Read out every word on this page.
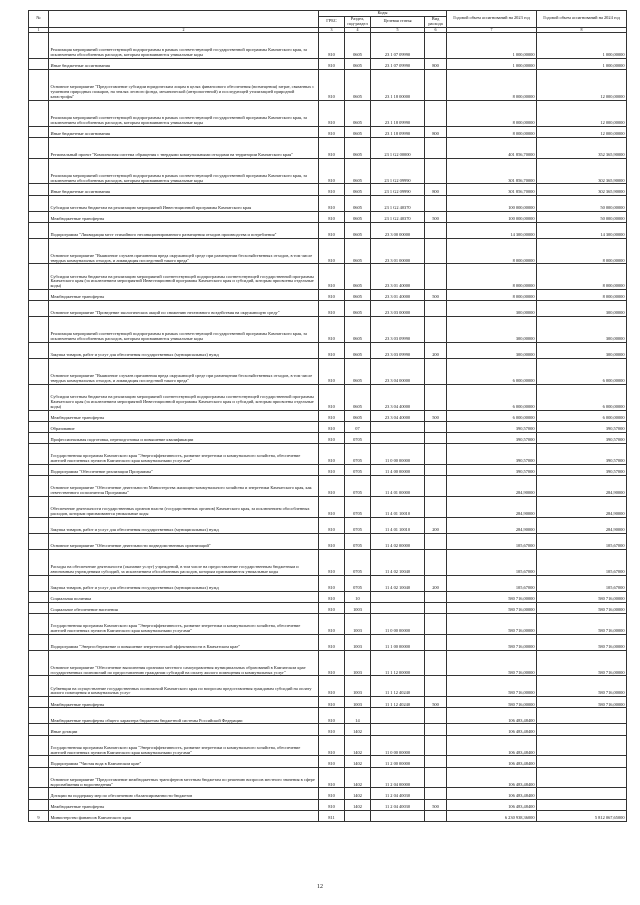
№		Коды				Годовой объем ассигнований на 2023 год	Годовой объем ассигнований на 2024 год
		ГРБС	Раздел, под-раздел	Целевая статья	Вид расхода		
1	2	3	4	5	6	7	8
	Реализация мероприятий соответствующей подпрограммы в рамках соответствующей государственной программы Камчатского края, за исключением обособленных расходов, которым присваиваются уникальные коды	810	0605	23 1 07 09990		1 000,00000	1 000,00000
	Иные бюджетные ассигнования	810	0605	23 1 07 09990	800	1 000,00000	1 000,00000
	Основное мероприятие "Предоставление субсидии юридическим лицам в целях финансового обеспечения (возмещения) затрат, связанных с тушением природных пожаров, на землях лесного фонда, механической (антропогенной) и последующей утилизацией природной катастрофы"	810	0605	23 1 18 00000		8 000,00000	12 000,00000
	Реализация мероприятий соответствующей подпрограммы в рамках соответствующей государственной программы Камчатского края, за исключением обособленных расходов, которым присваиваются уникальные коды	810	0605	23 1 18 09990		8 000,00000	12 000,00000
	Иные бюджетные ассигнования	810	0605	23 1 18 09990	800	8 000,00000	12 000,00000
	Региональный проект "Комплексная система обращения с твердыми коммунальными отходами на территории Камчатского края"	810	0605	23 1 G2 00000		401 856,70000	352 365,90000
	Реализация мероприятий соответствующей подпрограммы в рамках соответствующей государственной программы Камчатского края, за исключением обособленных расходов, которым присваиваются уникальные коды	810	0605	23 1 G2 09990		301 856,70000	302 365,90000
	Иные бюджетные ассигнования	810	0605	23 1 G2 09990	800	301 856,70000	302 365,90000
	Субсидии местным бюджетам на реализацию мероприятий Инвестиционной программы Камчатского края	810	0605	23 1 G2 40370		100 000,00000	50 000,00000
	Межбюджетные трансферты	810	0605	23 1 G2 40370	500	100 000,00000	50 000,00000
	Подпрограмма "Ликвидация мест стихийного несанкционированного размещения отходов производства и потребления"	810	0605	23 3 00 00000		14 300,00000	14 300,00000
	Основное мероприятие "Выявление случаев причинения вреда окружающей среде при размещении бесхозяйственных отходов, в том числе твердых коммунальных отходов, и ликвидация последствий такого вреда"	810	0605	23 3 01 00000		8 000,00000	8 000,00000
	Субсидии местным бюджетам на реализацию мероприятий соответствующей подпрограммы соответствующей государственной программы Камчатского края (за исключением мероприятий Инвестиционной программы Камчатского края и субсидий, которым присвоены отдельные коды)	810	0605	23 3 01 40000		8 000,00000	8 000,00000
	Межбюджетные трансферты	810	0605	23 3 01 40000	500	8 000,00000	8 000,00000
	Основное мероприятие "Проведение экологических акций по снижению негативного воздействия на окружающую среду"	810	0605	23 3 03 00000		300,00000	300,00000
	Реализация мероприятий соответствующей подпрограммы в рамках соответствующей государственной программы Камчатского края, за исключением обособленных расходов, которым присваиваются уникальные коды	810	0605	23 3 03 09990		300,00000	300,00000
	Закупка товаров, работ и услуг для обеспечения государственных (муниципальных) нужд	810	0605	23 3 03 09990	200	300,00000	300,00000
	Основное мероприятие "Выявление случаев причинения вреда окружающей среде при размещении бесхозяйственных отходов, в том числе твердых коммунальных отходов, и ликвидация последствий такого вреда"	810	0605	23 3 04 00000		6 000,00000	6 000,00000
	Субсидии местным бюджетам на реализацию мероприятий соответствующей подпрограммы соответствующей государственной программы Камчатского края (за исключением мероприятий Инвестиционной программы Камчатского края и субсидий, которым присвоены отдельные коды)	810	0605	23 3 04 40000		6 000,00000	6 000,00000
	Межбюджетные трансферты	810	0605	23 3 04 40000	500	6 000,00000	6 000,00000
	Образование	810	07			390,57000	390,57000
	Профессиональная подготовка, переподготовка и повышение квалификации	810	0705			390,57000	390,57000
	Государственная программа Камчатского края "Энергоэффективность, развитие энергетики и коммунального хозяйства, обеспечение жителей населенных пунктов Камчатского края коммунальными услугами"	810	0705	11 0 00 00000		390,57000	390,57000
	Подпрограмма "Обеспечение реализации Программы"	810	0705	11 4 00 00000		390,57000	390,57000
	Основное мероприятие "Обеспечение деятельности Министерства жилищно-коммунального хозяйства и энергетики Камчатского края, как ответственного исполнителя Программы"	810	0705	11 4 01 00000		284,90000	284,90000
	Обеспечение деятельности государственных органов власти (государственных органов) Камчатского края, за исключением обособленных расходов, которым присваиваются уникальные коды	810	0705	11 4 01 10010		284,90000	284,90000
	Закупка товаров, работ и услуг для обеспечения государственных (муниципальных) нужд	810	0705	11 4 01 10010	200	284,90000	284,90000
	Основное мероприятие "Обеспечение деятельности подведомственных организаций"	810	0705	11 4 02 00000		105,67000	105,67000
	Расходы на обеспечение деятельности (оказание услуг) учреждений, в том числе на предоставление государственным бюджетным и автономным учреждениям субсидий, за исключением обособленных расходов, которым присваиваются уникальные коды	810	0705	11 4 02 10040		105,67000	105,67000
	Закупка товаров, работ и услуг для обеспечения государственных (муниципальных) нужд	810	0705	11 4 02 10040	200	105,67000	105,67000
	Социальная политика	810	10			580 716,00000	580 716,00000
	Социальное обеспечение населения	810	1003			580 716,00000	580 716,00000
	Государственная программа Камчатского края "Энергоэффективность, развитие энергетики и коммунального хозяйства, обеспечение жителей населенных пунктов Камчатского края коммунальными услугами"	810	1003	11 0 00 00000		580 716,00000	580 716,00000
	Подпрограмма "Энергосбережение и повышение энергетической эффективности в Камчатском крае"	810	1003	11 1 00 00000		580 716,00000	580 716,00000
	Основное мероприятие "Обеспечение выполнения органами местного самоуправления муниципальных образований в Камчатском крае государственных полномочий по предоставлению гражданам субсидий на оплату жилого помещения и коммунальных услуг"	810	1003	11 1 12 00000		580 716,00000	580 716,00000
	Субвенции на осуществление государственных полномочий Камчатского края по вопросам предоставления гражданам субсидий на оплату жилого помещения и коммунальных услуг	810	1003	11 1 12 40240		580 716,00000	580 716,00000
	Межбюджетные трансферты	810	1003	11 1 12 40240	500	580 716,00000	580 716,00000
	Межбюджетные трансферты общего характера бюджетам бюджетной системы Российской Федерации	810	14			106 483,48400	
	Иные дотации	810	1402			106 483,48400	
	Государственная программа Камчатского края "Энергоэффективность, развитие энергетики и коммунального хозяйства, обеспечение жителей населенных пунктов Камчатского края коммунальными услугами"	810	1402	11 0 00 00000		106 483,48400	
	Подпрограмма "Чистая вода в Камчатском крае"	810	1402	11 2 00 00000		106 483,48400	
	Основное мероприятие "Предоставление межбюджетных трансфертов местным бюджетам по решению вопросов местного значения в сфере водоснабжения и водоотведения"	810	1402	11 2 04 00000		106 483,48400	
	Дотации на поддержку мер по обеспечению сбалансированности бюджетов	810	1402	11 2 04 40030		106 483,48400	
	Межбюджетные трансферты	810	1402	11 2 04 40030	500	106 483,48400	
9	Министерство финансов Камчатского края	811				6 230 938,36000	5 812 067,65000
12
